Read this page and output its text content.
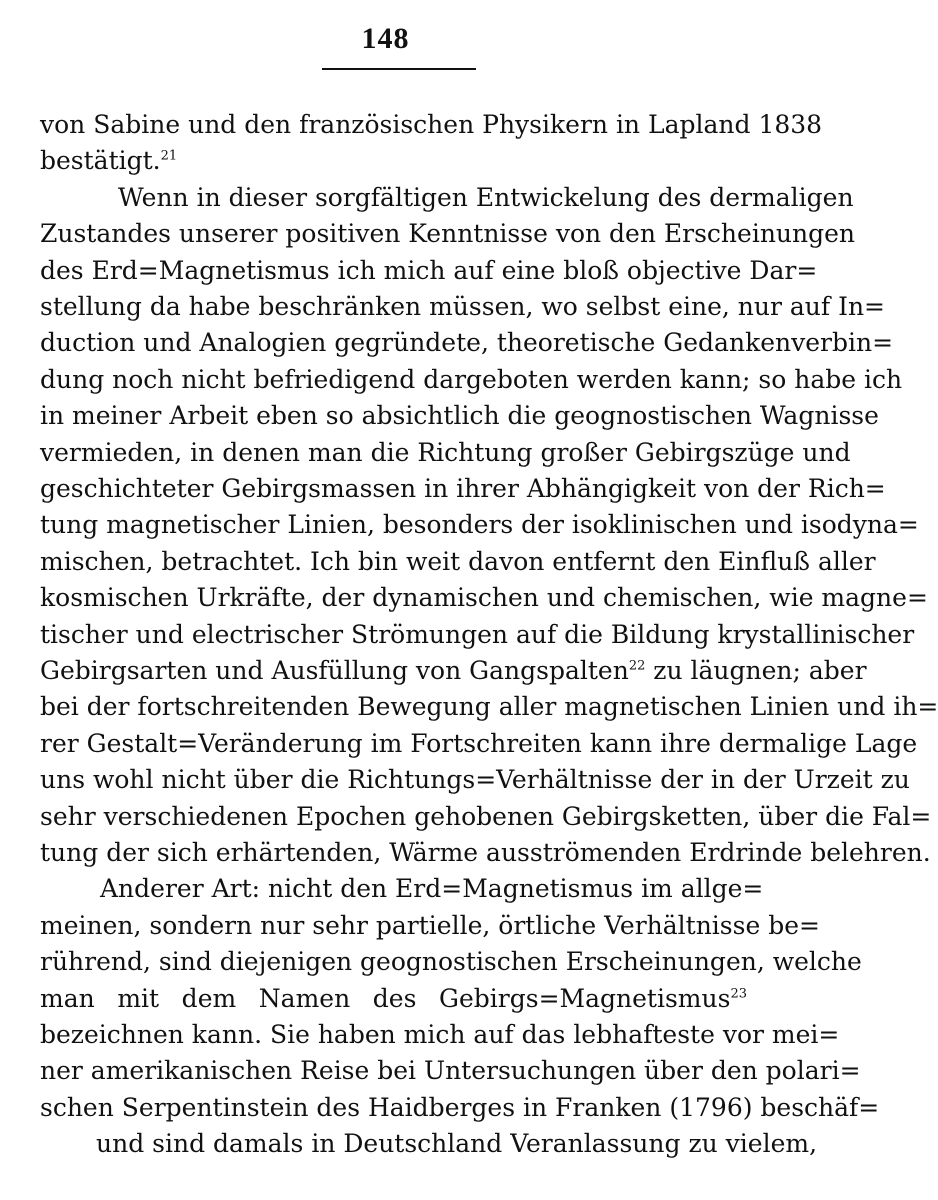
148
von Sabine und den französischen Physikern in Lapland 1838
bestätigt.$^{21}$
Wenn in dieser sorgfältigen Entwickelung des dermaligen
Zustandes unserer positiven Kenntnisse von den Erscheinungen
des Erd=Magnetismus ich mich auf eine bloß objective Dar=
stellung da habe beschränken müssen, wo selbst eine, nur auf In=
duction und Analogien gegründete, theoretische Gedankenverbin=
dung noch nicht befriedigend dargeboten werden kann; so habe ich
in meiner Arbeit eben so absichtlich die geognostischen Wagnisse
vermieden, in denen man die Richtung großer Gebirgszüge und
geschichteter Gebirgsmassen in ihrer Abhängigkeit von der Rich=
tung magnetischer Linien, besonders der isoklinischen und isodyna=
mischen, betrachtet. Ich bin weit davon entfernt den Einfluß aller
kosmischen Urkräfte, der dynamischen und chemischen, wie magne=
tischer und electrischer Strömungen auf die Bildung krystallinischer
Gebirgsarten und Ausfüllung von Gangspalten$^{22}$ zu läugnen; aber
bei der fortschreitenden Bewegung aller magnetischen Linien und ih=
rer Gestalt=Veränderung im Fortschreiten kann ihre dermalige Lage
uns wohl nicht über die Richtungs=Verhältnisse der in der Urzeit zu
sehr verschiedenen Epochen gehobenen Gebirgsketten, über die Fal=
tung der sich erhärtenden, Wärme ausströmenden Erdrinde belehren.
Anderer Art: nicht den Erd=Magnetismus im allge=
meinen, sondern nur sehr partielle, örtliche Verhältnisse be=
rührend, sind diejenigen geognostischen Erscheinungen, welche
man mit dem Namen des Gebirgs=Magnetismus$^{23}$
bezeichnen kann. Sie haben mich auf das lebhafteste vor mei=
ner amerikanischen Reise bei Untersuchungen über den polari=
schen Serpentinstein des Haidberges in Franken (1796) beschäf=
und sind damals in Deutschland Veranlassung zu vielem,
